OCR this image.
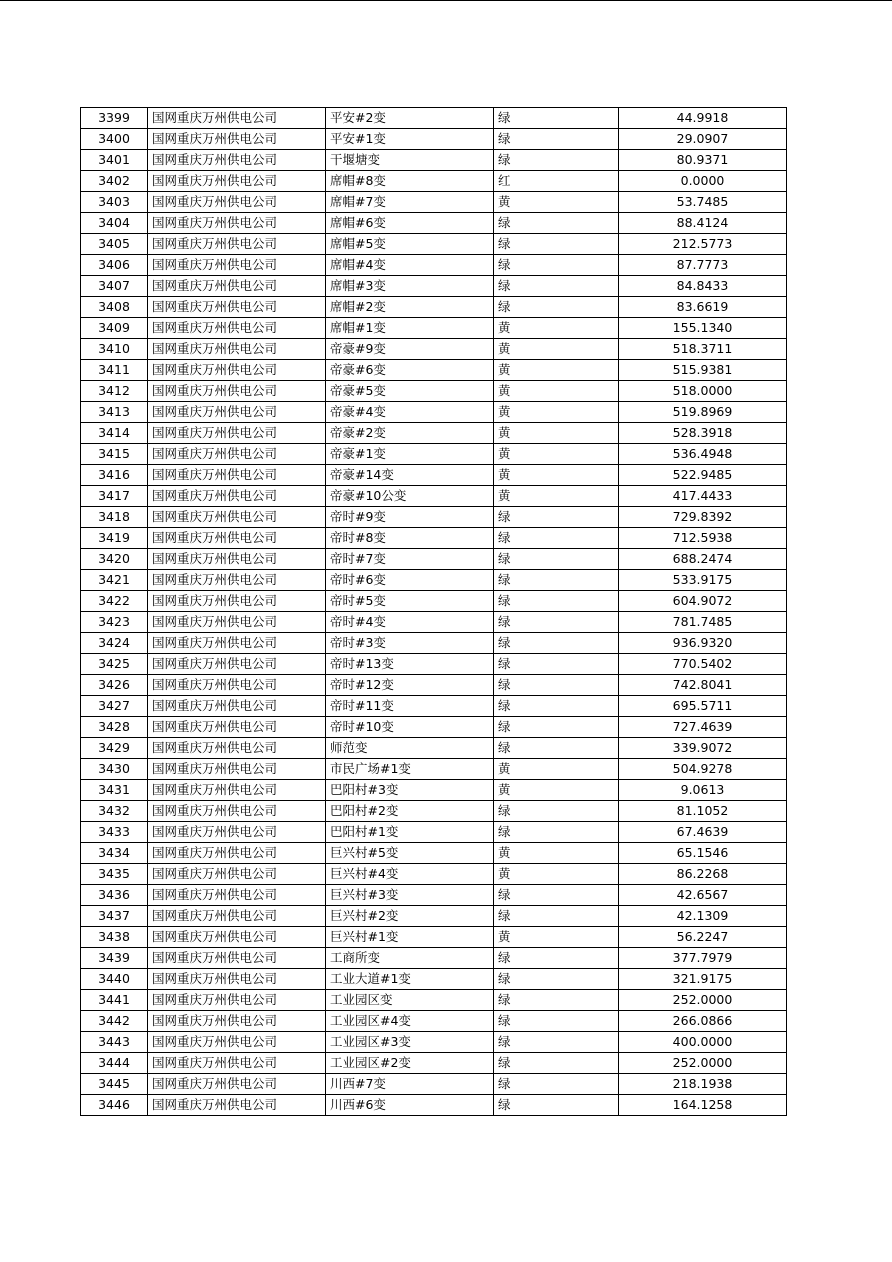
3399	国网重庆万州供电公司	平安#2变	绿	44.9918
3400	国网重庆万州供电公司	平安#1变	绿	29.0907
3401	国网重庆万州供电公司	干堰塘变	绿	80.9371
3402	国网重庆万州供电公司	席帽#8变	红	0.0000
3403	国网重庆万州供电公司	席帽#7变	黄	53.7485
3404	国网重庆万州供电公司	席帽#6变	绿	88.4124
3405	国网重庆万州供电公司	席帽#5变	绿	212.5773
3406	国网重庆万州供电公司	席帽#4变	绿	87.7773
3407	国网重庆万州供电公司	席帽#3变	绿	84.8433
3408	国网重庆万州供电公司	席帽#2变	绿	83.6619
3409	国网重庆万州供电公司	席帽#1变	黄	155.1340
3410	国网重庆万州供电公司	帝豪#9变	黄	518.3711
3411	国网重庆万州供电公司	帝豪#6变	黄	515.9381
3412	国网重庆万州供电公司	帝豪#5变	黄	518.0000
3413	国网重庆万州供电公司	帝豪#4变	黄	519.8969
3414	国网重庆万州供电公司	帝豪#2变	黄	528.3918
3415	国网重庆万州供电公司	帝豪#1变	黄	536.4948
3416	国网重庆万州供电公司	帝豪#14变	黄	522.9485
3417	国网重庆万州供电公司	帝豪#10公变	黄	417.4433
3418	国网重庆万州供电公司	帝时#9变	绿	729.8392
3419	国网重庆万州供电公司	帝时#8变	绿	712.5938
3420	国网重庆万州供电公司	帝时#7变	绿	688.2474
3421	国网重庆万州供电公司	帝时#6变	绿	533.9175
3422	国网重庆万州供电公司	帝时#5变	绿	604.9072
3423	国网重庆万州供电公司	帝时#4变	绿	781.7485
3424	国网重庆万州供电公司	帝时#3变	绿	936.9320
3425	国网重庆万州供电公司	帝时#13变	绿	770.5402
3426	国网重庆万州供电公司	帝时#12变	绿	742.8041
3427	国网重庆万州供电公司	帝时#11变	绿	695.5711
3428	国网重庆万州供电公司	帝时#10变	绿	727.4639
3429	国网重庆万州供电公司	师范变	绿	339.9072
3430	国网重庆万州供电公司	市民广场#1变	黄	504.9278
3431	国网重庆万州供电公司	巴阳村#3变	黄	9.0613
3432	国网重庆万州供电公司	巴阳村#2变	绿	81.1052
3433	国网重庆万州供电公司	巴阳村#1变	绿	67.4639
3434	国网重庆万州供电公司	巨兴村#5变	黄	65.1546
3435	国网重庆万州供电公司	巨兴村#4变	黄	86.2268
3436	国网重庆万州供电公司	巨兴村#3变	绿	42.6567
3437	国网重庆万州供电公司	巨兴村#2变	绿	42.1309
3438	国网重庆万州供电公司	巨兴村#1变	黄	56.2247
3439	国网重庆万州供电公司	工商所变	绿	377.7979
3440	国网重庆万州供电公司	工业大道#1变	绿	321.9175
3441	国网重庆万州供电公司	工业园区变	绿	252.0000
3442	国网重庆万州供电公司	工业园区#4变	绿	266.0866
3443	国网重庆万州供电公司	工业园区#3变	绿	400.0000
3444	国网重庆万州供电公司	工业园区#2变	绿	252.0000
3445	国网重庆万州供电公司	川西#7变	绿	218.1938
3446	国网重庆万州供电公司	川西#6变	绿	164.1258
